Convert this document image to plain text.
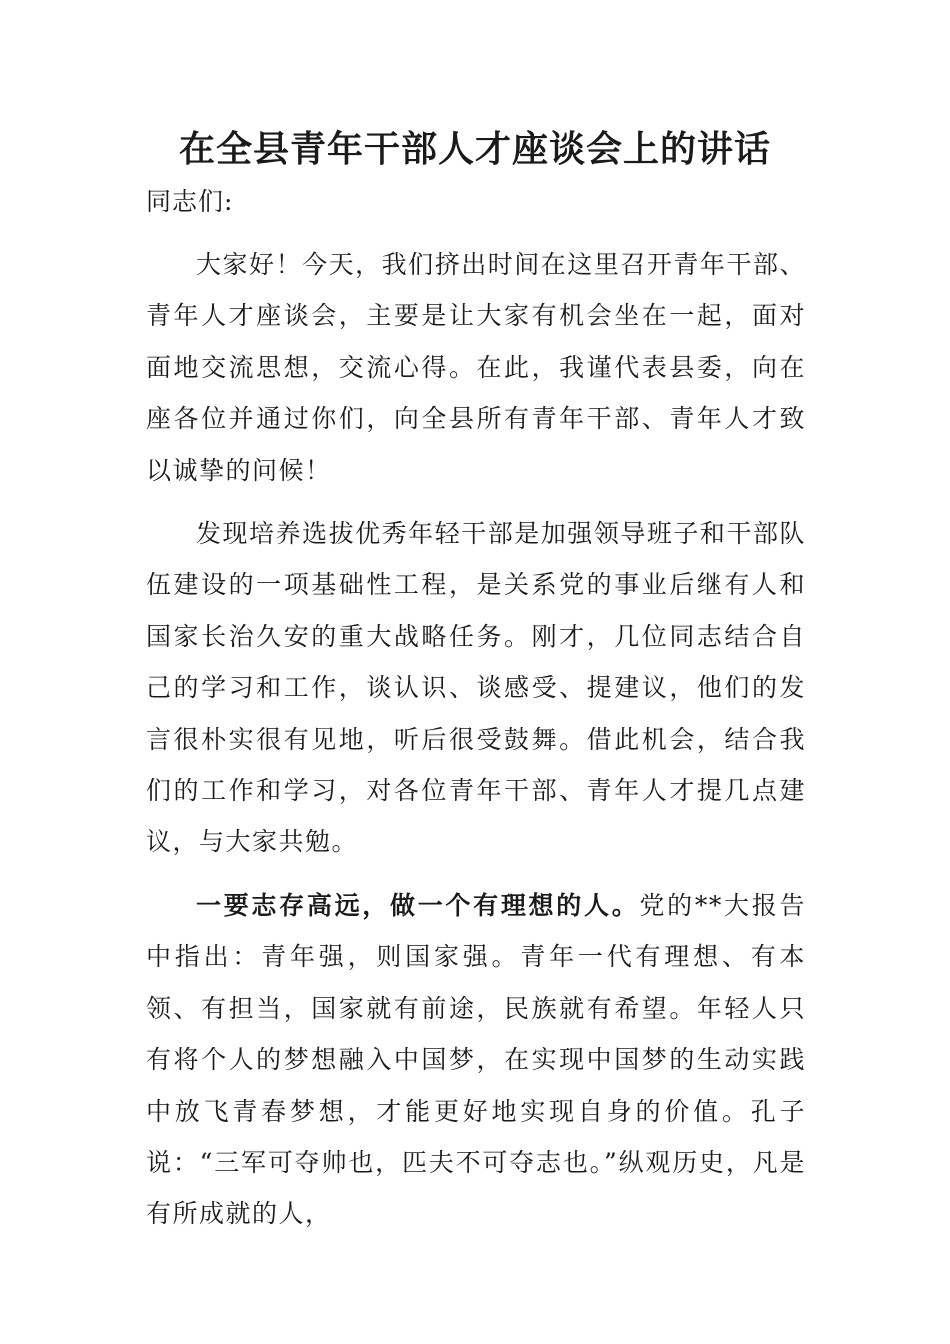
在全县青年干部人才座谈会上的讲话

同志们:

大家好！今天，我们挤出时间在这里召开青年干部、青年人才座谈会，主要是让大家有机会坐在一起，面对面地交流思想，交流心得。在此，我谨代表县委，向在座各位并通过你们，向全县所有青年干部、青年人才致以诚挚的问候！

发现培养选拔优秀年轻干部是加强领导班子和干部队伍建设的一项基础性工程，是关系党的事业后继有人和国家长治久安的重大战略任务。刚才，几位同志结合自己的学习和工作，谈认识、谈感受、提建议，他们的发言很朴实很有见地，听后很受鼓舞。借此机会，结合我们的工作和学习，对各位青年干部、青年人才提几点建议，与大家共勉。

一要志存高远，做一个有理想的人。党的**大报告中指出：青年强，则国家强。青年一代有理想、有本领、有担当，国家就有前途，民族就有希望。年轻人只有将个人的梦想融入中国梦，在实现中国梦的生动实践中放飞青春梦想，才能更好地实现自身的价值。孔子说：“三军可夺帅也，匹夫不可夺志也。”纵观历史，凡是有所成就的人，
